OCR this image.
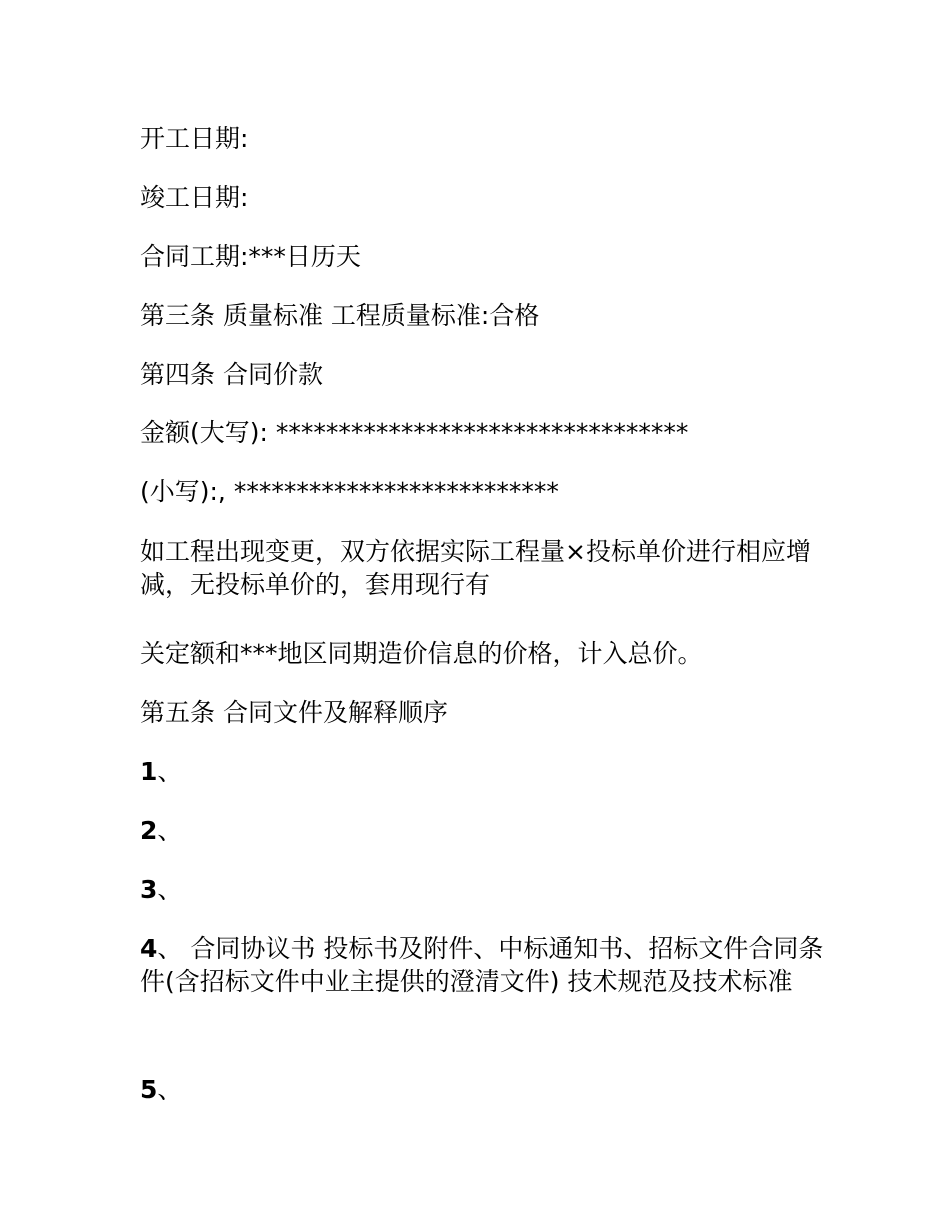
开工日期:
竣工日期:
合同工期:***日历天
第三条 质量标准 工程质量标准:合格
第四条 合同价款
金额(大写): *********************************
(小写):, **************************
如工程出现变更，双方依据实际工程量×投标单价进行相应增减，无投标单价的，套用现行有
关定额和***地区同期造价信息的价格，计入总价。
第五条 合同文件及解释顺序
1、
2、
3、
4、 合同协议书 投标书及附件、中标通知书、招标文件合同条件(含招标文件中业主提供的澄清文件) 技术规范及技术标准
5、
